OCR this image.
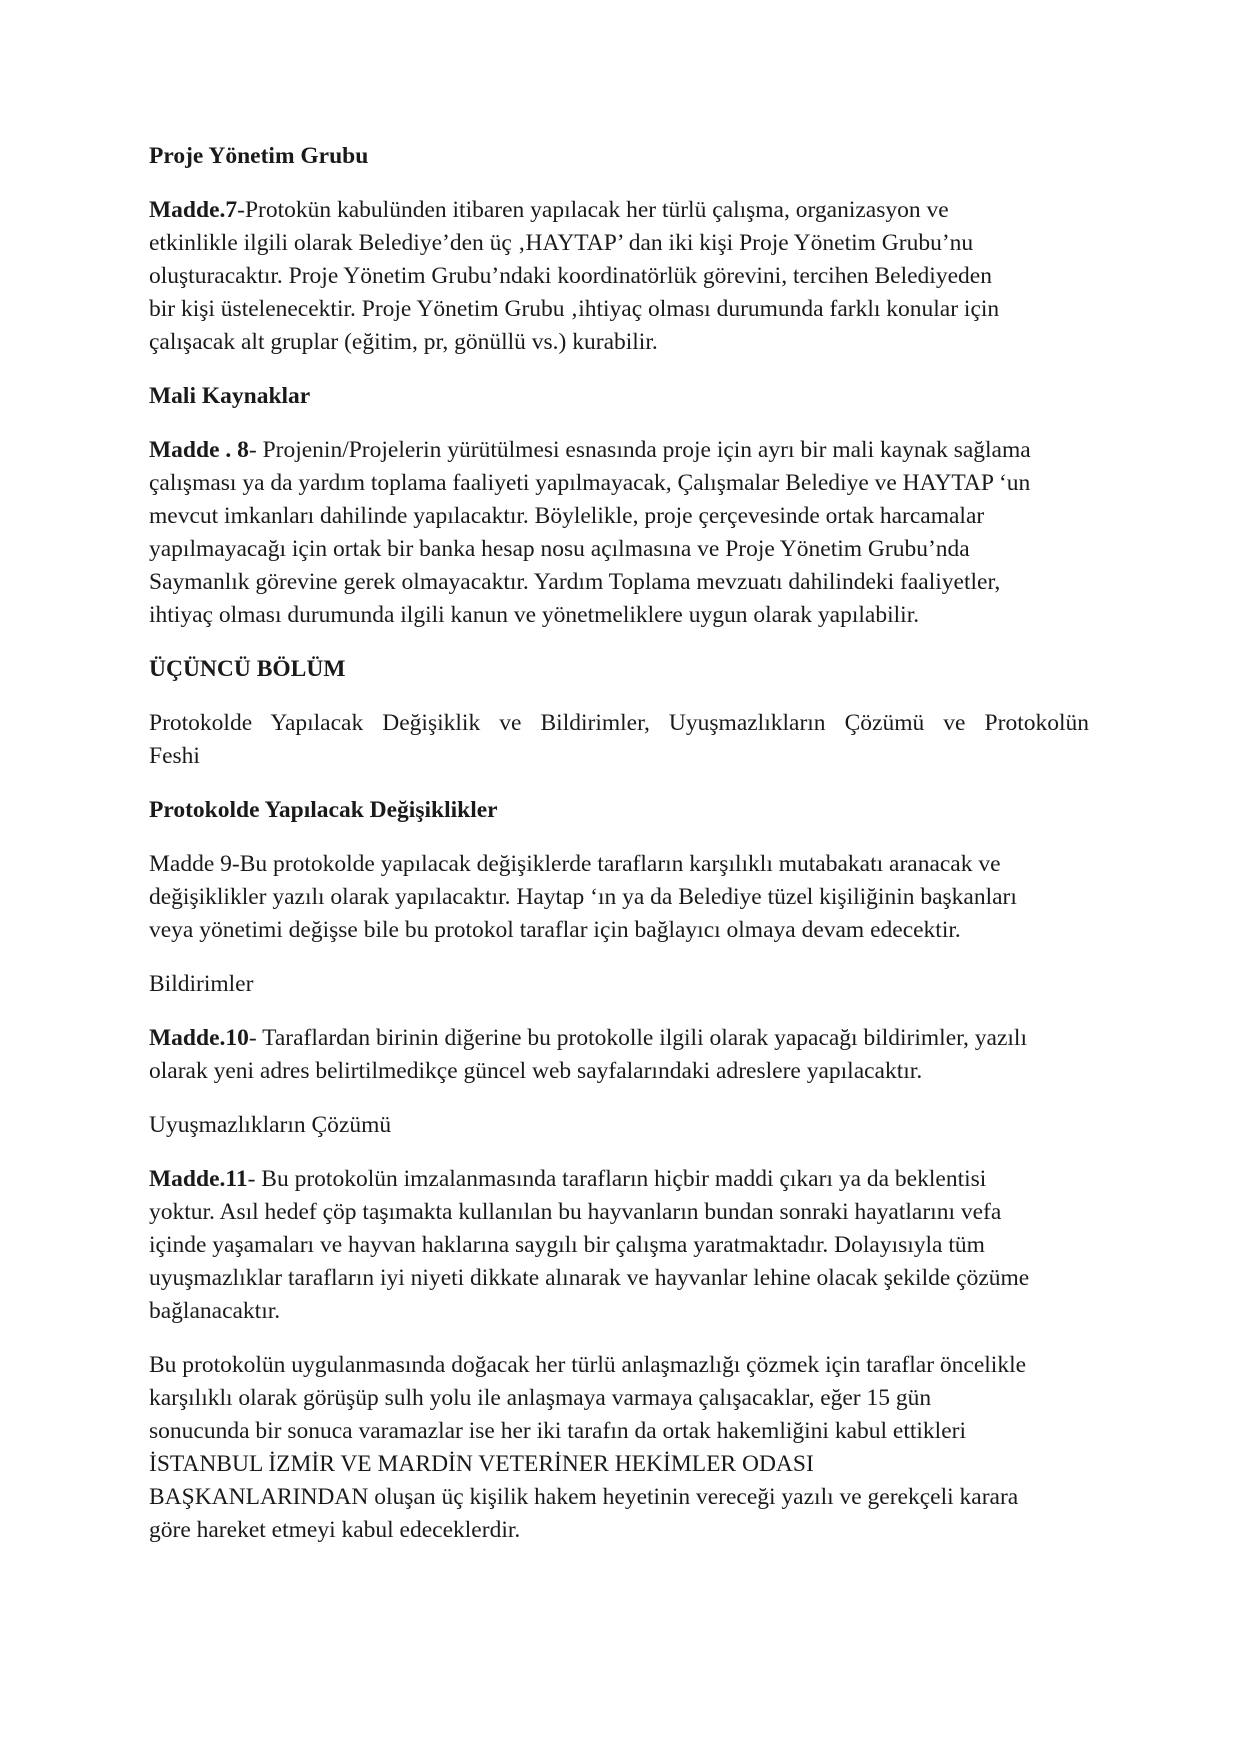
Proje Yönetim Grubu
Madde.7-Protokün kabulünden itibaren yapılacak her türlü çalışma, organizasyon ve
etkinlikle ilgili olarak Belediye’den üç ‚HAYTAP’ dan iki kişi Proje Yönetim Grubu’nu
oluşturacaktır. Proje Yönetim Grubu’ndaki koordinatörlük görevini, tercihen Belediyeden
bir kişi üstelenecektir. Proje Yönetim Grubu ‚ihtiyaç olması durumunda farklı konular için
çalışacak alt gruplar (eğitim, pr, gönüllü vs.) kurabilir.
Mali Kaynaklar
Madde . 8- Projenin/Projelerin yürütülmesi esnasında proje için ayrı bir mali kaynak sağlama
çalışması ya da yardım toplama faaliyeti yapılmayacak, Çalışmalar Belediye ve HAYTAP ‘un
mevcut imkanları dahilinde yapılacaktır. Böylelikle, proje çerçevesinde ortak harcamalar
yapılmayacağı için ortak bir banka hesap nosu açılmasına ve Proje Yönetim Grubu’nda
Saymanlık görevine gerek olmayacaktır. Yardım Toplama mevzuatı dahilindeki faaliyetler,
ihtiyaç olması durumunda ilgili kanun ve yönetmeliklere uygun olarak yapılabilir.
ÜÇÜNCÜ BÖLÜM
Protokolde Yapılacak Değişiklik ve Bildirimler, Uyuşmazlıkların Çözümü ve Protokolün
Feshi
Protokolde Yapılacak Değişiklikler
Madde 9-Bu protokolde yapılacak değişiklerde tarafların karşılıklı mutabakatı aranacak ve
değişiklikler yazılı olarak yapılacaktır. Haytap ‘ın ya da Belediye tüzel kişiliğinin başkanları
veya yönetimi değişse bile bu protokol taraflar için bağlayıcı olmaya devam edecektir.
Bildirimler
Madde.10- Taraflardan birinin diğerine bu protokolle ilgili olarak yapacağı bildirimler, yazılı
olarak yeni adres belirtilmedikçe güncel web sayfalarındaki adreslere yapılacaktır.
Uyuşmazlıkların Çözümü
Madde.11- Bu protokolün imzalanmasında tarafların hiçbir maddi çıkarı ya da beklentisi
yoktur. Asıl hedef çöp taşımakta kullanılan bu hayvanların bundan sonraki hayatlarını vefa
içinde yaşamaları ve hayvan haklarına saygılı bir çalışma yaratmaktadır. Dolayısıyla tüm
uyuşmazlıklar tarafların iyi niyeti dikkate alınarak ve hayvanlar lehine olacak şekilde çözüme
bağlanacaktır.
Bu protokolün uygulanmasında doğacak her türlü anlaşmazlığı çözmek için taraflar öncelikle
karşılıklı olarak görüşüp sulh yolu ile anlaşmaya varmaya çalışacaklar, eğer 15 gün
sonucunda bir sonuca varamazlar ise her iki tarafın da ortak hakemliğini kabul ettikleri
İSTANBUL İZMİR VE MARDİN VETERİNER HEKİMLER ODASI
BAŞKANLARINDAN oluşan üç kişilik hakem heyetinin vereceği yazılı ve gerekçeli karara
göre hareket etmeyi kabul edeceklerdir.
